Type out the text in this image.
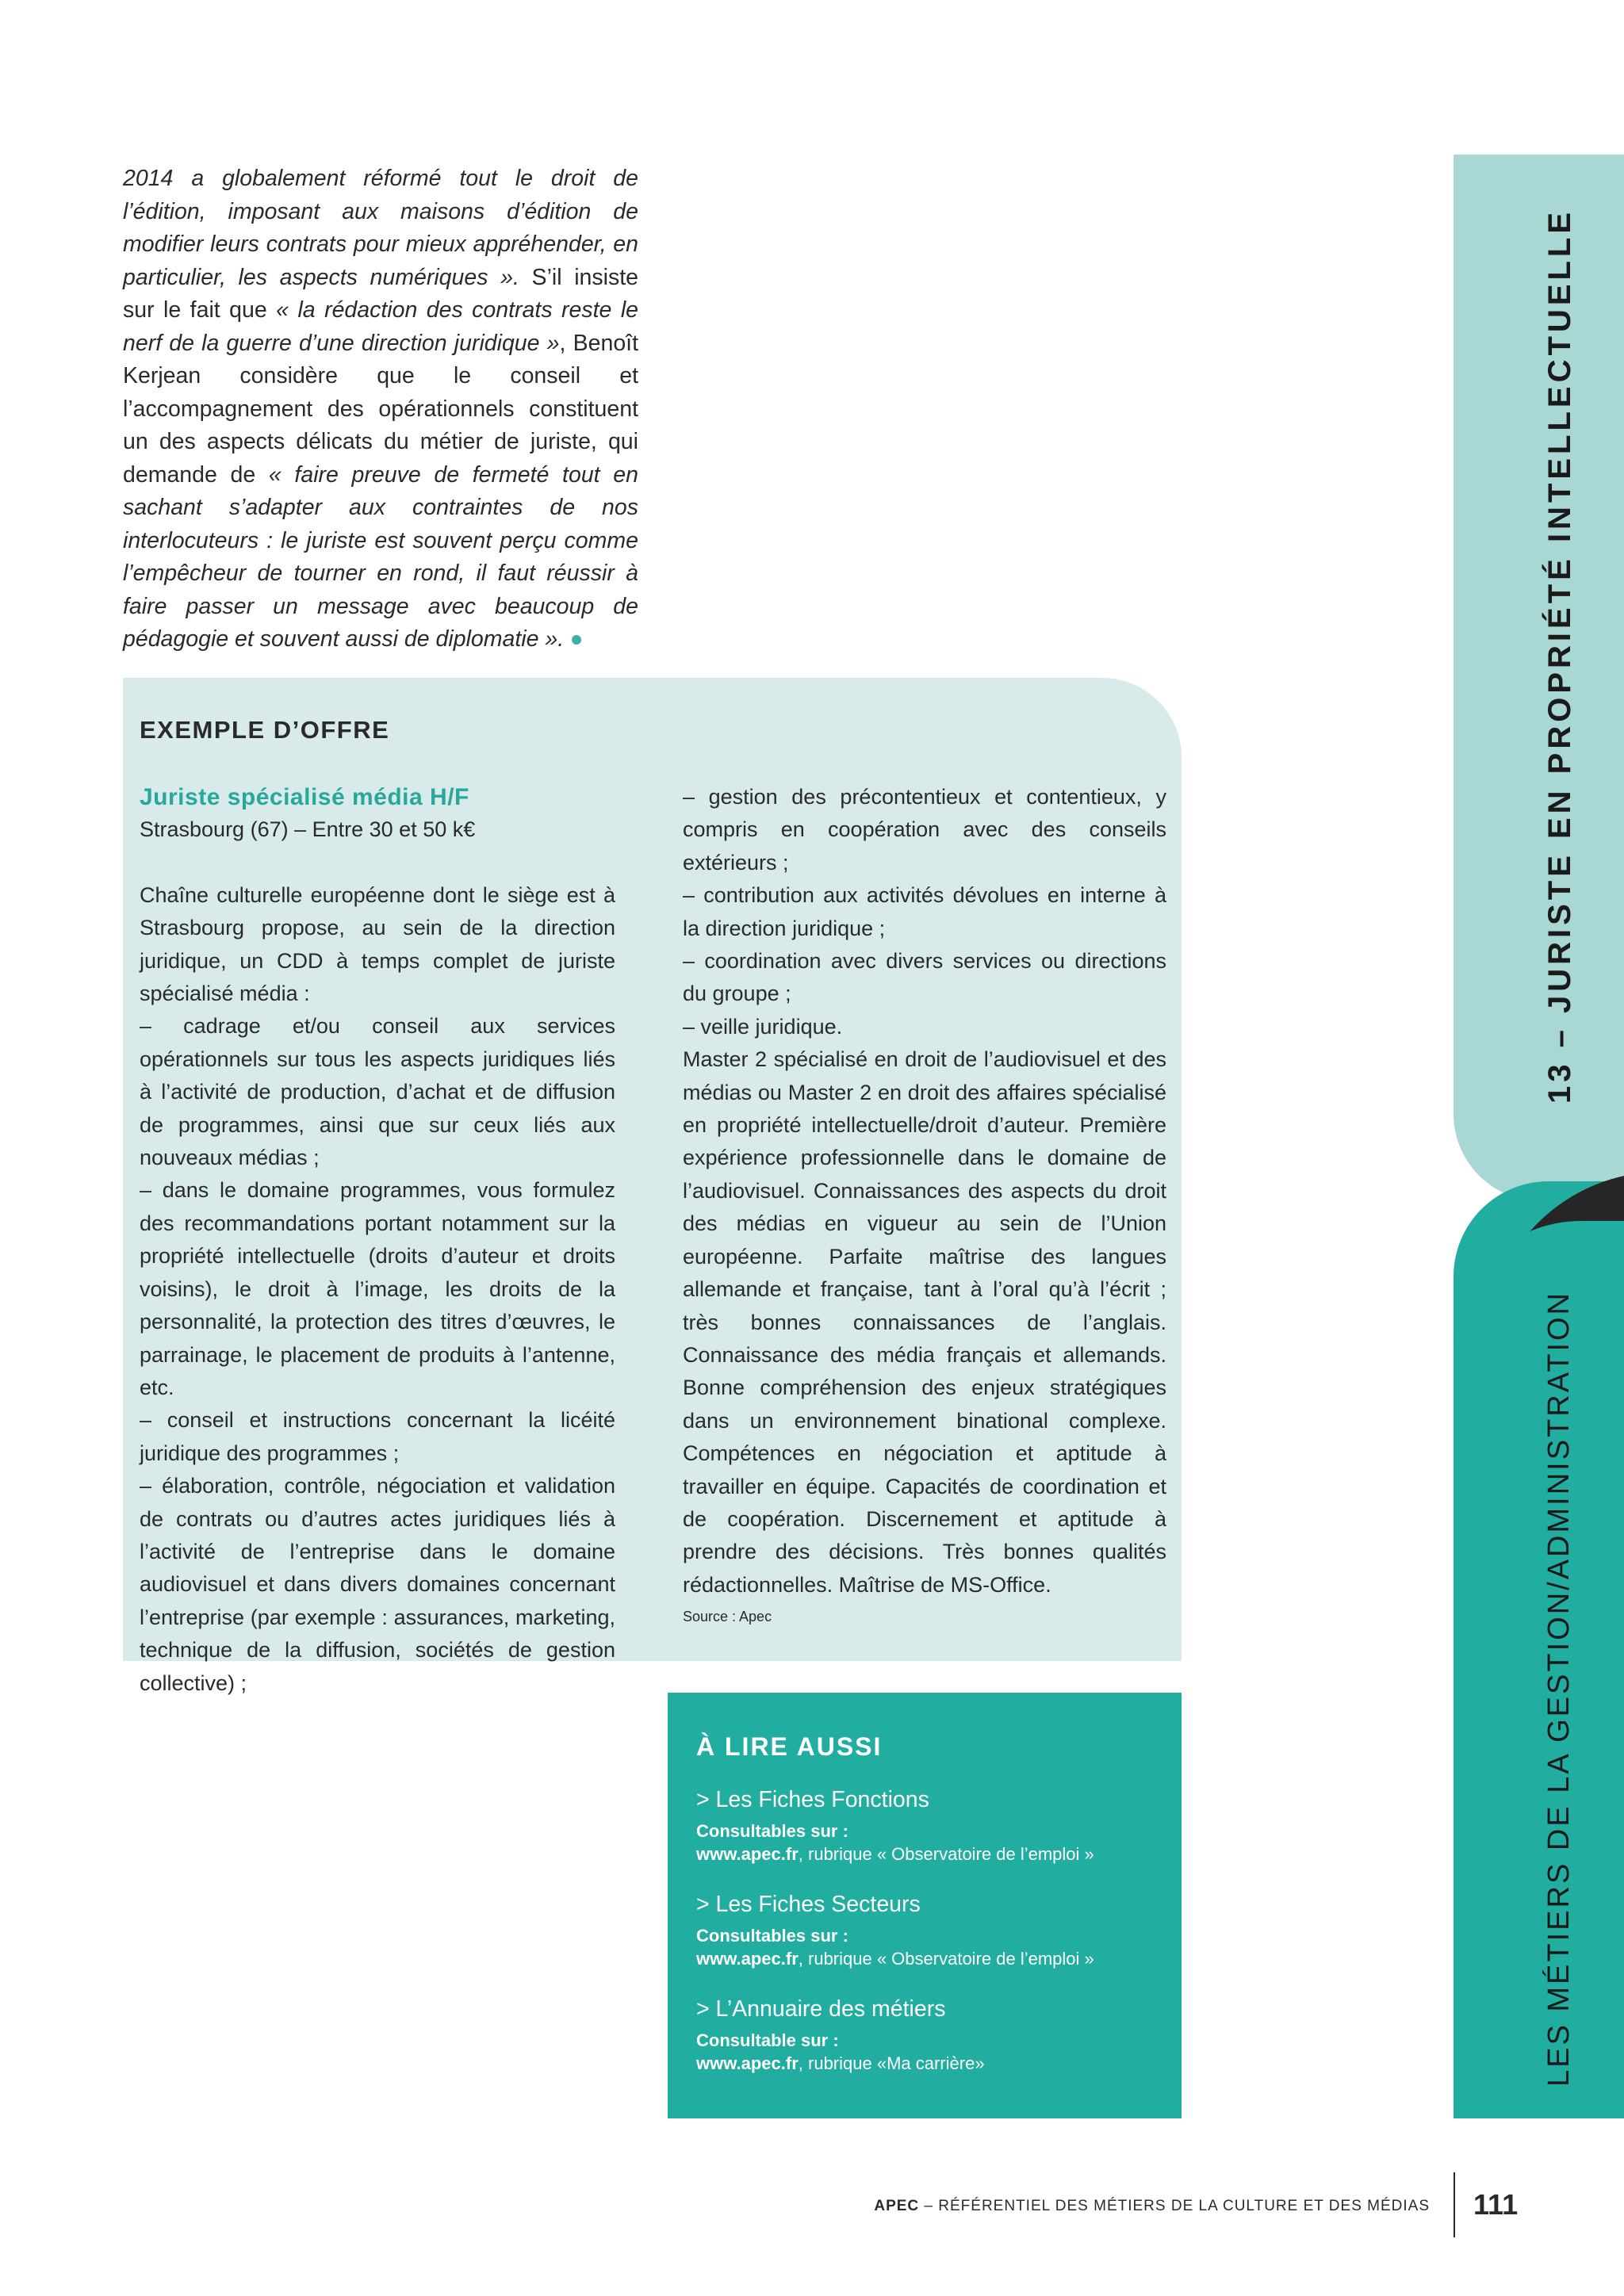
2014 a globalement réformé tout le droit de l’édition, imposant aux maisons d’édition de modifier leurs contrats pour mieux appréhender, en particulier, les aspects numériques ». S’il insiste sur le fait que « la rédaction des contrats reste le nerf de la guerre d’une direction juridique », Benoît Kerjean considère que le conseil et l’accompagnement des opérationnels constituent un des aspects délicats du métier de juriste, qui demande de « faire preuve de fermeté tout en sachant s’adapter aux contraintes de nos interlocuteurs : le juriste est souvent perçu comme l’empêcheur de tourner en rond, il faut réussir à faire passer un message avec beaucoup de pédagogie et souvent aussi de diplomatie ».
EXEMPLE D’OFFRE
Juriste spécialisé média H/F
Strasbourg (67) – Entre 30 et 50 k€
Chaîne culturelle européenne dont le siège est à Strasbourg propose, au sein de la direction juridique, un CDD à temps complet de juriste spécialisé média :
– cadrage et/ou conseil aux services opérationnels sur tous les aspects juridiques liés à l’activité de production, d’achat et de diffusion de programmes, ainsi que sur ceux liés aux nouveaux médias ;
– dans le domaine programmes, vous formulez des recommandations portant notamment sur la propriété intellectuelle (droits d’auteur et droits voisins), le droit à l’image, les droits de la personnalité, la protection des titres d’œuvres, le parrainage, le placement de produits à l’antenne, etc.
– conseil et instructions concernant la licéité juridique des programmes ;
– élaboration, contrôle, négociation et validation de contrats ou d’autres actes juridiques liés à l’activité de l’entreprise dans le domaine audiovisuel et dans divers domaines concernant l’entreprise (par exemple : assurances, marketing, technique de la diffusion, sociétés de gestion collective) ;
– gestion des précontentieux et contentieux, y compris en coopération avec des conseils extérieurs ;
– contribution aux activités dévolues en interne à la direction juridique ;
– coordination avec divers services ou directions du groupe ;
– veille juridique.
Master 2 spécialisé en droit de l’audiovisuel et des médias ou Master 2 en droit des affaires spécialisé en propriété intellectuelle/droit d’auteur. Première expérience professionnelle dans le domaine de l’audiovisuel. Connaissances des aspects du droit des médias en vigueur au sein de l’Union européenne. Parfaite maîtrise des langues allemande et française, tant à l’oral qu’à l’écrit ; très bonnes connaissances de l’anglais. Connaissance des média français et allemands. Bonne compréhension des enjeux stratégiques dans un environnement binational complexe. Compétences en négociation et aptitude à travailler en équipe. Capacités de coordination et de coopération. Discernement et aptitude à prendre des décisions. Très bonnes qualités rédactionnelles. Maîtrise de MS-Office.
Source : Apec
À LIRE AUSSI
> Les Fiches Fonctions
Consultables sur :
www.apec.fr, rubrique « Observatoire de l’emploi »
> Les Fiches Secteurs
Consultables sur :
www.apec.fr, rubrique « Observatoire de l’emploi »
> L’Annuaire des métiers
Consultable sur :
www.apec.fr, rubrique «Ma carrière»
13 – JURISTE EN PROPRIÉTÉ INTELLECTUELLE
LES MÉTIERS DE LA GESTION/ADMINISTRATION
APEC – RÉFÉRENTIEL DES MÉTIERS DE LA CULTURE ET DES MÉDIAS 111
